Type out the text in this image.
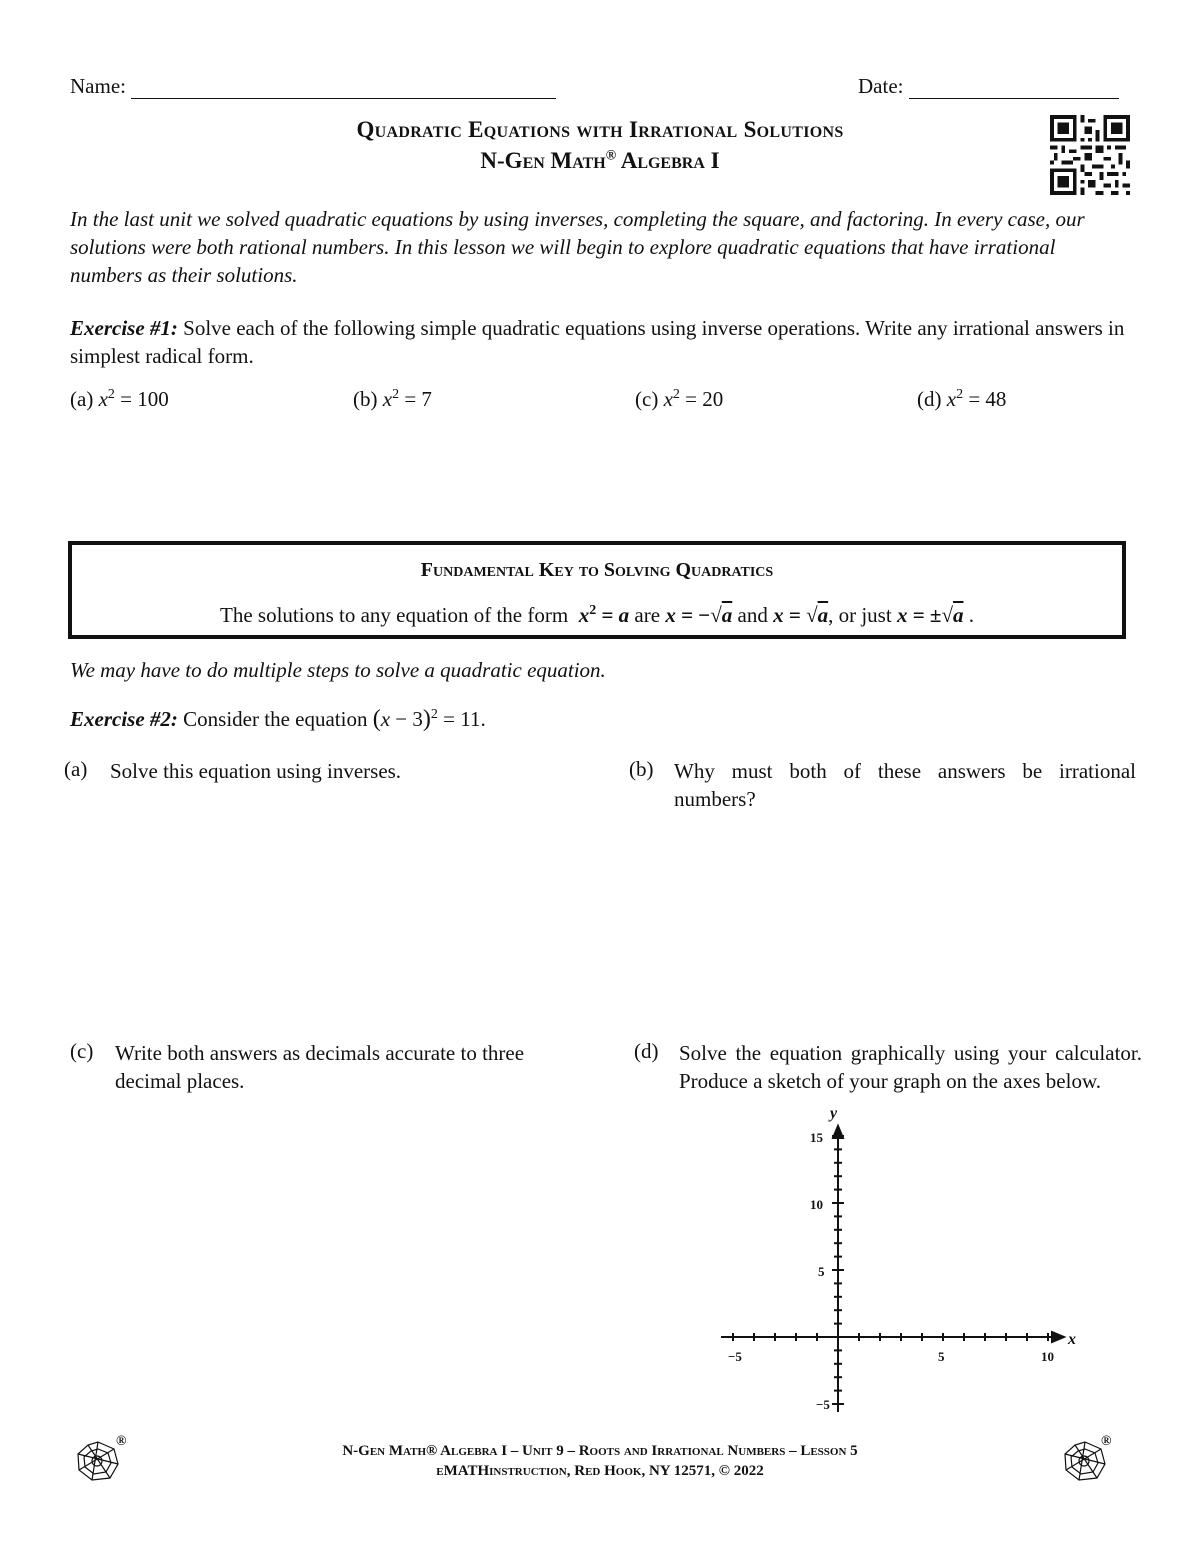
Name:	Date:
Quadratic Equations with Irrational Solutions
N-Gen Math® Algebra I
In the last unit we solved quadratic equations by using inverses, completing the square, and factoring. In every case, our solutions were both rational numbers. In this lesson we will begin to explore quadratic equations that have irrational numbers as their solutions.
Exercise #1: Solve each of the following simple quadratic equations using inverse operations. Write any irrational answers in simplest radical form.
(a) $x^2 = 100$	(b) $x^2 = 7$	(c) $x^2 = 20$	(d) $x^2 = 48$
Fundamental Key to Solving Quadratics
The solutions to any equation of the form  $x^2 = a$ are x = −√a and x = √a, or just x = ±√a .
We may have to do multiple steps to solve a quadratic equation.
Exercise #2: Consider the equation $(x - 3)^2 = 11$.
(a) Solve this equation using inverses.	(b) Why must both of these answers be irrational numbers?
(c) Write both answers as decimals accurate to three decimal places.
(d) Solve the equation graphically using your calculator. Produce a sketch of your graph on the axes below.
x
y
−5	5	10
15
10
5
−5
®	®
N-Gen Math® Algebra I – Unit 9 – Roots and Irrational Numbers – Lesson 5
eMATHinstruction, Red Hook, NY 12571, © 2022
